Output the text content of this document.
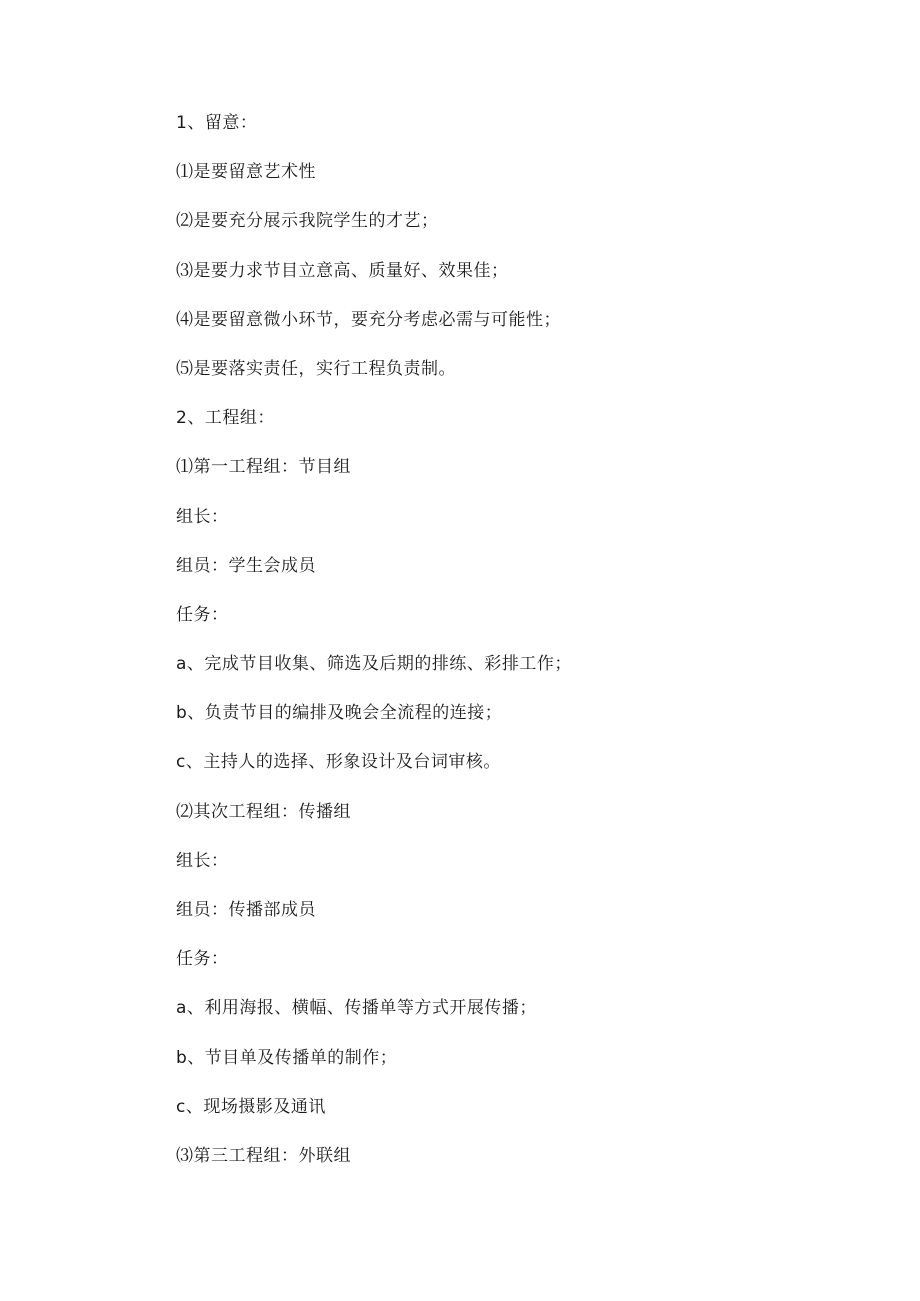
1、留意：
⑴是要留意艺术性
⑵是要充分展示我院学生的才艺；
⑶是要力求节目立意高、质量好、效果佳；
⑷是要留意微小环节，要充分考虑必需与可能性；
⑸是要落实责任，实行工程负责制。
2、工程组：
⑴第一工程组：节目组
组长：
组员：学生会成员
任务：
a、完成节目收集、筛选及后期的排练、彩排工作；
b、负责节目的编排及晚会全流程的连接；
c、主持人的选择、形象设计及台词审核。
⑵其次工程组：传播组
组长：
组员：传播部成员
任务：
a、利用海报、横幅、传播单等方式开展传播；
b、节目单及传播单的制作；
c、现场摄影及通讯
⑶第三工程组：外联组
